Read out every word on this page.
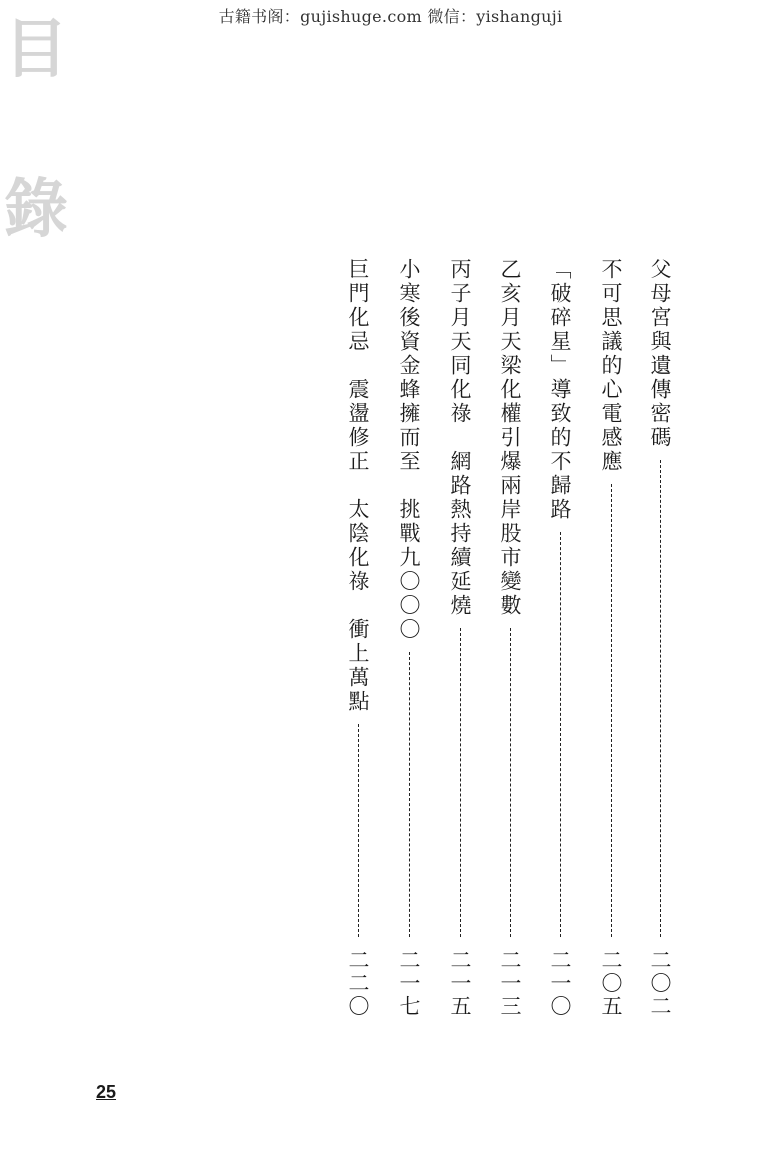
古籍书阁：gujishuge.com 微信：yishanguji
目
錄
父母宮與遺傳密碼
二〇二
不可思議的心電感應
二〇五
「破碎星」導致的不歸路
二一〇
乙亥月天梁化權引爆兩岸股市變數
二一三
丙子月天同化祿　網路熱持續延燒
二一五
小寒後資金蜂擁而至　挑戰九〇〇〇
二一七
巨門化忌　震盪修正　太陰化祿　衝上萬點
二二〇
25
